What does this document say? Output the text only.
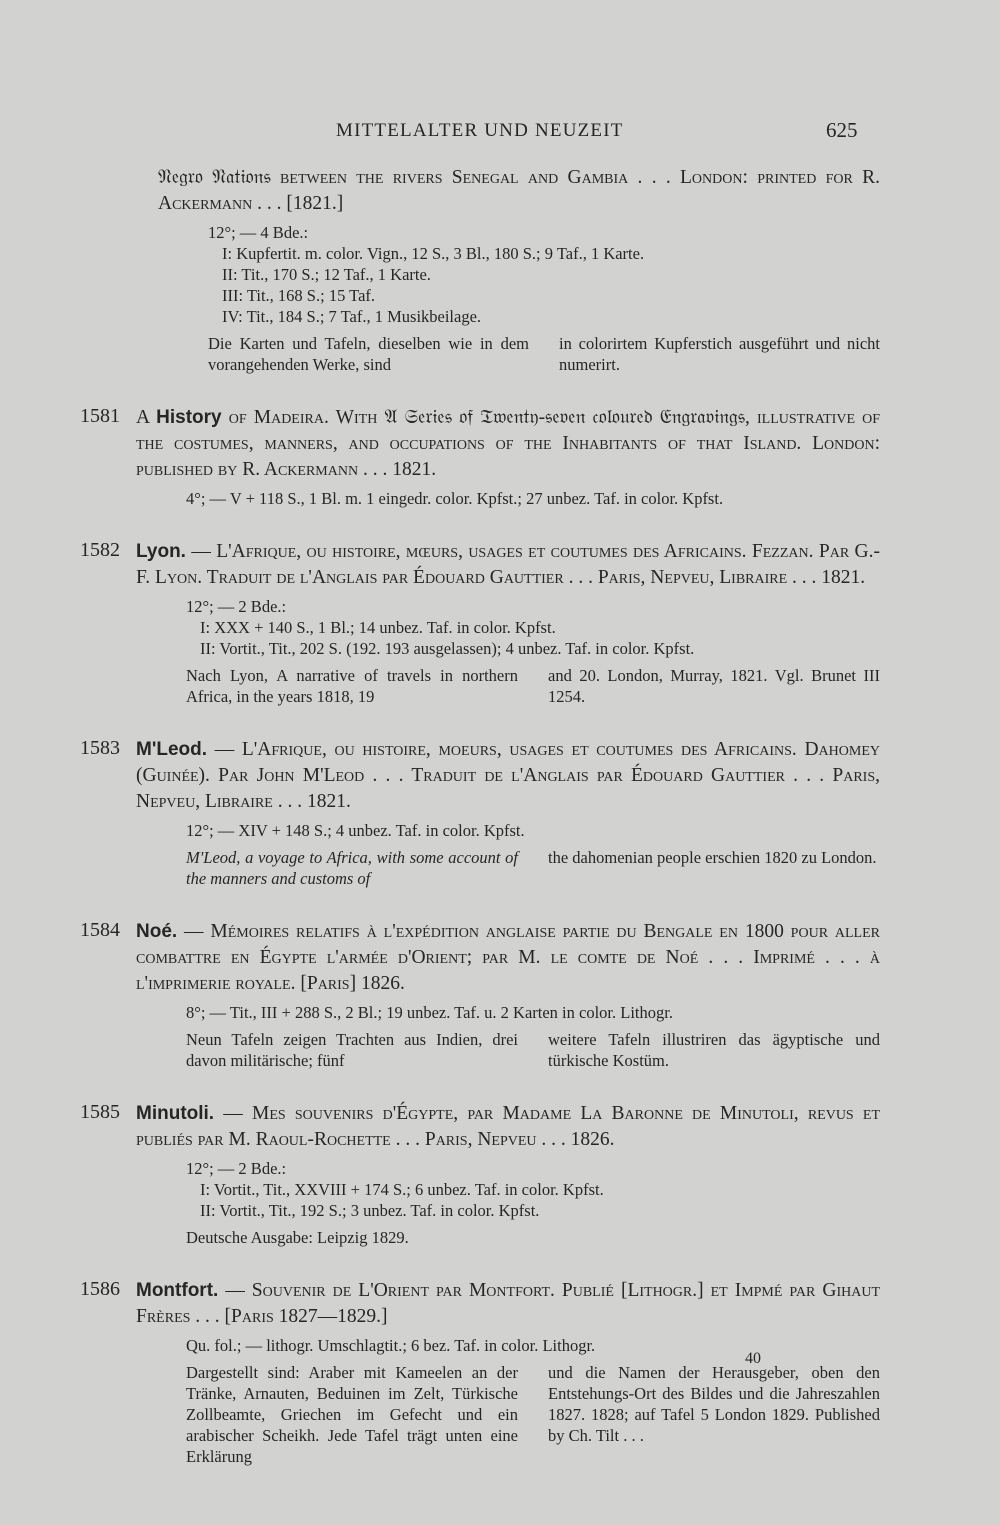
MITTELALTER UND NEUZEIT	625

𝔑𝔢𝔤𝔯𝔬 𝔑𝔞𝔱𝔦𝔬𝔫𝔰 between the rivers Senegal and Gambia . . . London: printed for R. Ackermann . . . [1821.]

12°; — 4 Bde.:
I: Kupfertit. m. color. Vign., 12 S., 3 Bl., 180 S.; 9 Taf., 1 Karte.
II: Tit., 170 S.; 12 Taf., 1 Karte.
III: Tit., 168 S.; 15 Taf.
IV: Tit., 184 S.; 7 Taf., 1 Musikbeilage.
Die Karten und Tafeln, dieselben wie in dem vorangehenden Werke, sind
in colorirtem Kupferstich ausgeführt und nicht numerirt.
1581 A History of Madeira. With 𝔄 𝔖𝔢𝔯𝔦𝔢𝔰 𝔬𝔣 𝔗𝔴𝔢𝔫𝔱𝔶-𝔰𝔢𝔳𝔢𝔫 𝔠𝔬𝔩𝔬𝔲𝔯𝔢𝔡 𝔈𝔫𝔤𝔯𝔞𝔳𝔦𝔫𝔤𝔰, illustrative of the costumes, manners, and occupations of the Inhabitants of that Island. London: published by R. Ackermann . . . 1821.

4°; — V + 118 S., 1 Bl. m. 1 eingedr. color. Kpfst.; 27 unbez. Taf. in color. Kpfst.
1582 Lyon. — L'Afrique, ou histoire, mœurs, usages et coutumes des Africains. Fezzan. Par G.-F. Lyon. Traduit de l'Anglais par Édouard Gauttier . . . Paris, Nepveu, Libraire . . . 1821.

12°; — 2 Bde.:
I: XXX + 140 S., 1 Bl.; 14 unbez. Taf. in color. Kpfst.
II: Vortit., Tit., 202 S. (192. 193 ausgelassen); 4 unbez. Taf. in color. Kpfst.
Nach Lyon, A narrative of travels in northern Africa, in the years 1818, 19
and 20. London, Murray, 1821. Vgl. Brunet III 1254.
1583 M'Leod. — L'Afrique, ou histoire, moeurs, usages et coutumes des Africains. Dahomey (Guinée). Par John M'Leod . . . Traduit de l'Anglais par Édouard Gauttier . . . Paris, Nepveu, Libraire . . . 1821.

12°; — XIV + 148 S.; 4 unbez. Taf. in color. Kpfst.
M'Leod, a voyage to Africa, with some account of the manners and customs of
the dahomenian people erschien 1820 zu London.
1584 Noé. — Mémoires relatifs à l'expédition anglaise partie du Bengale en 1800 pour aller combattre en Égypte l'armée d'Orient; par M. le comte de Noé . . . Imprimé . . . à l'imprimerie royale. [Paris] 1826.

8°; — Tit., III + 288 S., 2 Bl.; 19 unbez. Taf. u. 2 Karten in color. Lithogr.
Neun Tafeln zeigen Trachten aus Indien, drei davon militärische; fünf
weitere Tafeln illustriren das ägyptische und türkische Kostüm.
1585 Minutoli. — Mes souvenirs d'Égypte, par Madame La Baronne de Minutoli, revus et publiés par M. Raoul-Rochette . . . Paris, Nepveu . . . 1826.

12°; — 2 Bde.:
I: Vortit., Tit., XXVIII + 174 S.; 6 unbez. Taf. in color. Kpfst.
II: Vortit., Tit., 192 S.; 3 unbez. Taf. in color. Kpfst.
Deutsche Ausgabe: Leipzig 1829.
1586 Montfort. — Souvenir de L'Orient par Montfort. Publié [Lithogr.] et Impmé par Gihaut Frères . . . [Paris 1827—1829.]

Qu. fol.; — lithogr. Umschlagtit.; 6 bez. Taf. in color. Lithogr.
Dargestellt sind: Araber mit Kameelen an der Tränke, Arnauten, Beduinen im Zelt, Türkische Zollbeamte, Griechen im Gefecht und ein arabischer Scheikh. Jede Tafel trägt unten eine Erklärung
und die Namen der Herausgeber, oben den Entstehungs-Ort des Bildes und die Jahreszahlen 1827. 1828; auf Tafel 5 London 1829. Published by Ch. Tilt . . .
40
